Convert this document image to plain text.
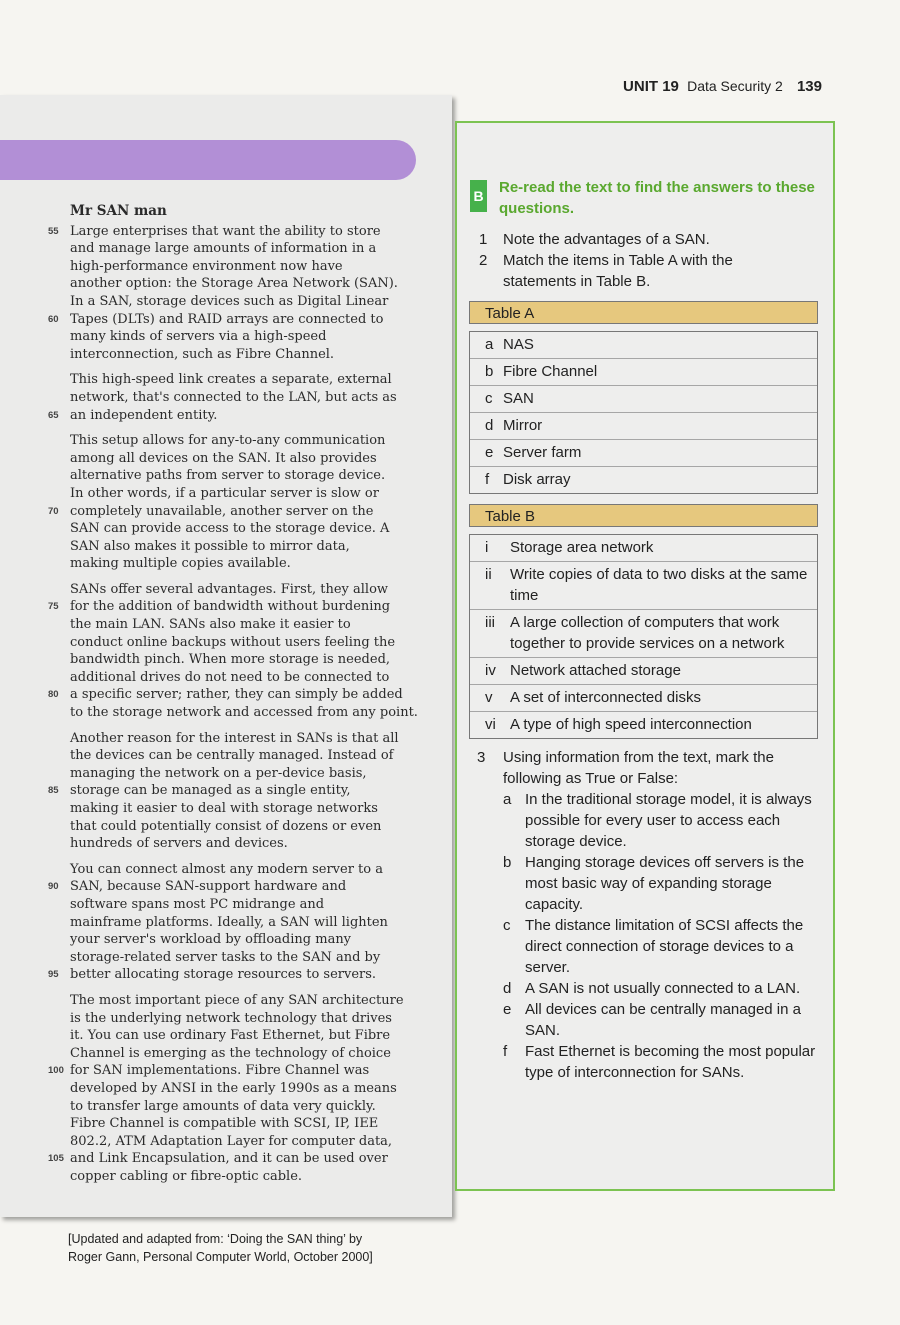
UNIT 19 Data Security 2 139
Mr SAN man

55 Large enterprises that want the ability to store
and manage large amounts of information in a
high-performance environment now have
another option: the Storage Area Network (SAN).
In a SAN, storage devices such as Digital Linear
60 Tapes (DLTs) and RAID arrays are connected to
many kinds of servers via a high-speed
interconnection, such as Fibre Channel.

This high-speed link creates a separate, external
network, that's connected to the LAN, but acts as
65 an independent entity.

This setup allows for any-to-any communication
among all devices on the SAN. It also provides
alternative paths from server to storage device.
In other words, if a particular server is slow or
70 completely unavailable, another server on the
SAN can provide access to the storage device. A
SAN also makes it possible to mirror data,
making multiple copies available.

SANs offer several advantages. First, they allow
75 for the addition of bandwidth without burdening
the main LAN. SANs also make it easier to
conduct online backups without users feeling the
bandwidth pinch. When more storage is needed,
additional drives do not need to be connected to
80 a specific server; rather, they can simply be added
to the storage network and accessed from any point.

Another reason for the interest in SANs is that all
the devices can be centrally managed. Instead of
managing the network on a per-device basis,
85 storage can be managed as a single entity,
making it easier to deal with storage networks
that could potentially consist of dozens or even
hundreds of servers and devices.

You can connect almost any modern server to a
90 SAN, because SAN-support hardware and
software spans most PC midrange and
mainframe platforms. Ideally, a SAN will lighten
your server's workload by offloading many
storage-related server tasks to the SAN and by
95 better allocating storage resources to servers.

The most important piece of any SAN architecture
is the underlying network technology that drives
it. You can use ordinary Fast Ethernet, but Fibre
Channel is emerging as the technology of choice
100 for SAN implementations. Fibre Channel was
developed by ANSI in the early 1990s as a means
to transfer large amounts of data very quickly.
Fibre Channel is compatible with SCSI, IP, IEE
802.2, ATM Adaptation Layer for computer data,
105 and Link Encapsulation, and it can be used over
copper cabling or fibre-optic cable.

[Updated and adapted from: ‘Doing the SAN thing’ by
Roger Gann, Personal Computer World, October 2000]
B Re-read the text to find the answers to these questions.
1 Note the advantages of a SAN.
2 Match the items in Table A with the
statements in Table B.
Table A
a NAS
b Fibre Channel
c SAN
d Mirror
e Server farm
f Disk array
Table B
i	Storage area network
ii	Write copies of data to two disks at the same time
iii	A large collection of computers that work together to provide services on a network
iv Network attached storage
v	A set of interconnected disks
vi A type of high speed interconnection
3	Using information from the text, mark the following as True or False:
a In the traditional storage model, it is always possible for every user to access each storage device.
b Hanging storage devices off servers is the most basic way of expanding storage capacity.
c The distance limitation of SCSI affects the direct connection of storage devices to a server.
d A SAN is not usually connected to a LAN.
e All devices can be centrally managed in a SAN.
f	Fast Ethernet is becoming the most popular type of interconnection for SANs.
